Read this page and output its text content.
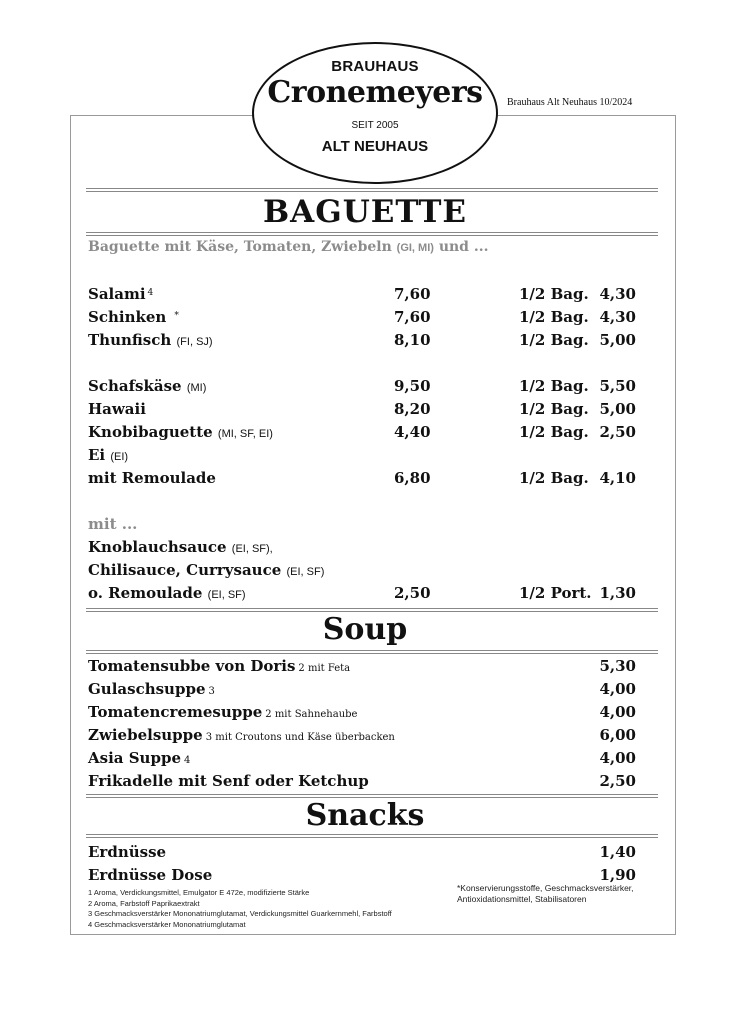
BRAUHAUS
Cronemeyers
SEIT 2005
ALT NEUHAUS
Brauhaus Alt Neuhaus 10/2024
BAGUETTE
Baguette mit Käse, Tomaten, Zwiebeln (GI, MI) und ...
Salami $^4$	7,60	1/2 Bag. 4,30
Schinken *	7,60	1/2 Bag. 4,30
Thunfisch (FI, SJ)	8,10	1/2 Bag. 5,00
Schafskäse (MI)	9,50	1/2 Bag. 5,50
Hawaii	8,20	1/2 Bag. 5,00
Knobibaguette (MI, SF, EI)	4,40	1/2 Bag. 2,50
Ei (EI)
mit Remoulade	6,80	1/2 Bag. 4,10
mit ...
Knoblauchsauce (EI, SF),
Chilisauce, Currysauce (EI, SF)
o. Remoulade (EI, SF)	2,50	1/2 Port. 1,30
Soup
Tomatensubbe von Doris 2 mit Feta	5,30
Gulaschsuppe 3	4,00
Tomatencremesuppe 2 mit Sahnehaube	4,00
Zwiebelsuppe 3 mit Croutons und Käse überbacken	6,00
Asia Suppe 4	4,00
Frikadelle mit Senf oder Ketchup	2,50
Snacks
Erdnüsse	1,40
Erdnüsse Dose	1,90
1 Aroma, Verdickungsmittel, Emulgator E 472e, modifizierte Stärke
2 Aroma, Farbstoff Paprikaextrakt
3 Geschmacksverstärker Mononatriumglutamat, Verdickungsmittel Guarkernmehl, Farbstoff
4 Geschmacksverstärker Mononatriumglutamat
*Konservierungsstoffe, Geschmacksverstärker,
Antioxidationsmittel, Stabilisatoren
